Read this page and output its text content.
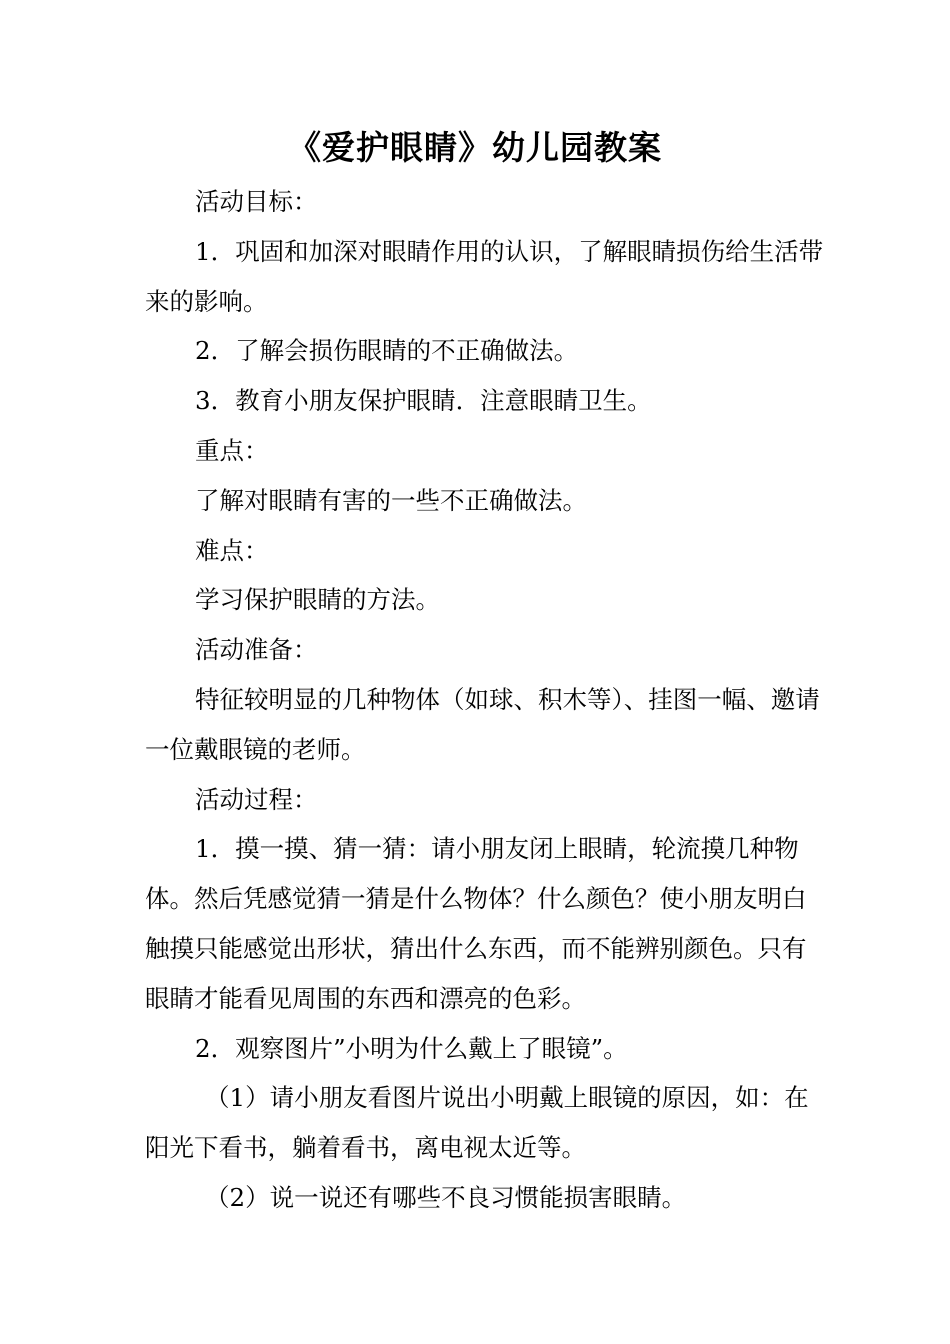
《爱护眼睛》幼儿园教案

活动目标：

1．巩固和加深对眼睛作用的认识，了解眼睛损伤给生活带来的影响。

2．了解会损伤眼睛的不正确做法。

3．教育小朋友保护眼睛．注意眼睛卫生。

重点：

了解对眼睛有害的一些不正确做法。

难点：

学习保护眼睛的方法。

活动准备：

特征较明显的几种物体（如球、积木等）、挂图一幅、邀请一位戴眼镜的老师。

活动过程：

1．摸一摸、猜一猜：请小朋友闭上眼睛，轮流摸几种物体。然后凭感觉猜一猜是什么物体？什么颜色？使小朋友明白触摸只能感觉出形状，猜出什么东西，而不能辨别颜色。只有眼睛才能看见周围的东西和漂亮的色彩。

2．观察图片”小明为什么戴上了眼镜”。

（1）请小朋友看图片说出小明戴上眼镜的原因，如：在阳光下看书，躺着看书，离电视太近等。

（2）说一说还有哪些不良习惯能损害眼睛。
